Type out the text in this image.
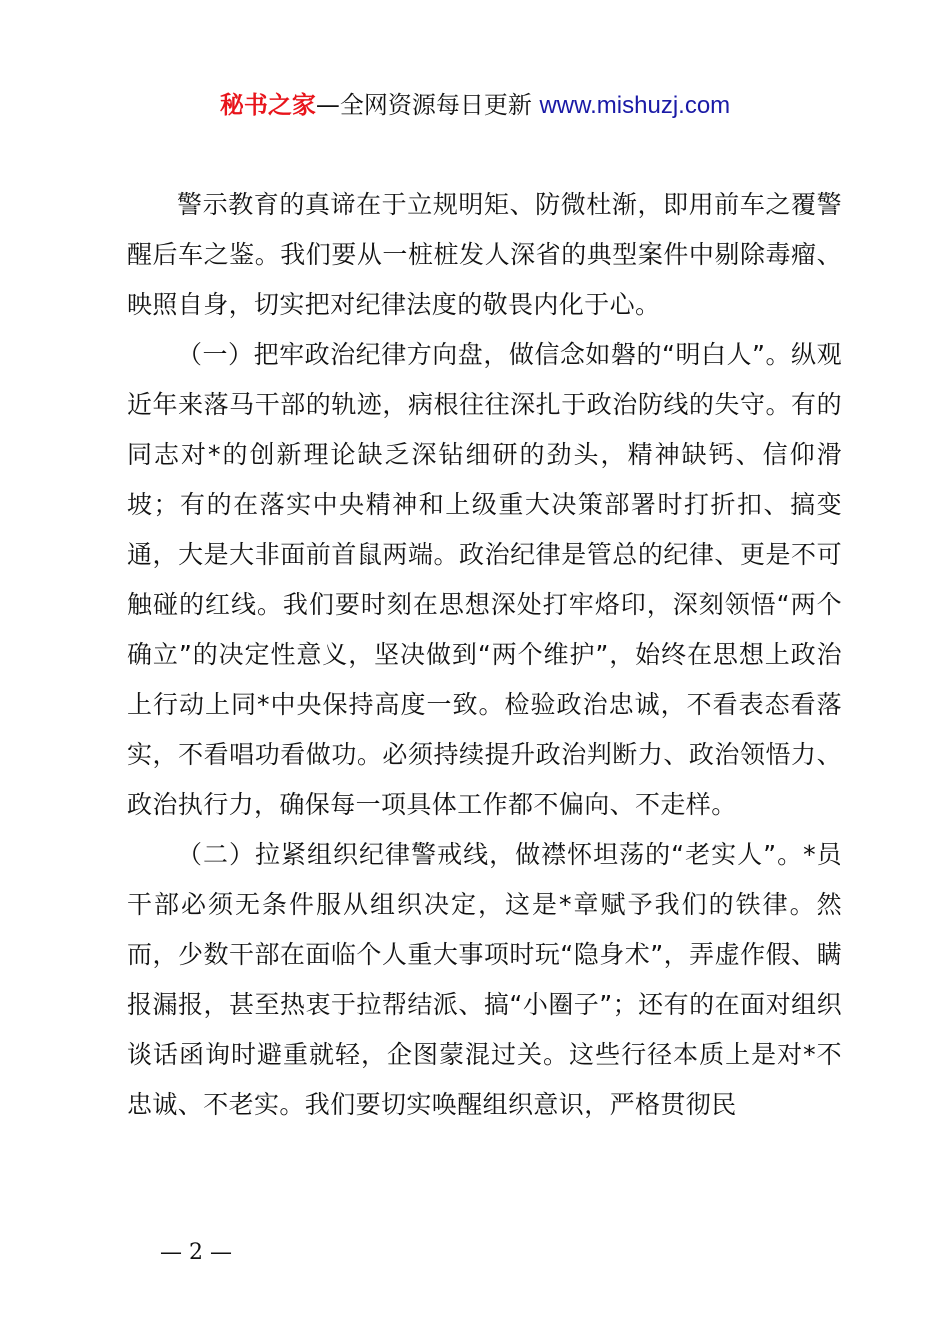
秘书之家—全网资源每日更新 www.mishuzj.com

警示教育的真谛在于立规明矩、防微杜渐，即用前车之覆警醒后车之鉴。我们要从一桩桩发人深省的典型案件中剔除毒瘤、映照自身，切实把对纪律法度的敬畏内化于心。

（一）把牢政治纪律方向盘，做信念如磐的“明白人”。纵观近年来落马干部的轨迹，病根往往深扎于政治防线的失守。有的同志对*的创新理论缺乏深钻细研的劲头，精神缺钙、信仰滑坡；有的在落实中央精神和上级重大决策部署时打折扣、搞变通，大是大非面前首鼠两端。政治纪律是管总的纪律、更是不可触碰的红线。我们要时刻在思想深处打牢烙印，深刻领悟“两个确立”的决定性意义，坚决做到“两个维护”，始终在思想上政治上行动上同*中央保持高度一致。检验政治忠诚，不看表态看落实，不看唱功看做功。必须持续提升政治判断力、政治领悟力、政治执行力，确保每一项具体工作都不偏向、不走样。

（二）拉紧组织纪律警戒线，做襟怀坦荡的“老实人”。*员干部必须无条件服从组织决定，这是*章赋予我们的铁律。然而，少数干部在面临个人重大事项时玩“隐身术”，弄虚作假、瞒报漏报，甚至热衷于拉帮结派、搞“小圈子”；还有的在面对组织谈话函询时避重就轻，企图蒙混过关。这些行径本质上是对*不忠诚、不老实。我们要切实唤醒组织意识，严格贯彻民

— 2 —
